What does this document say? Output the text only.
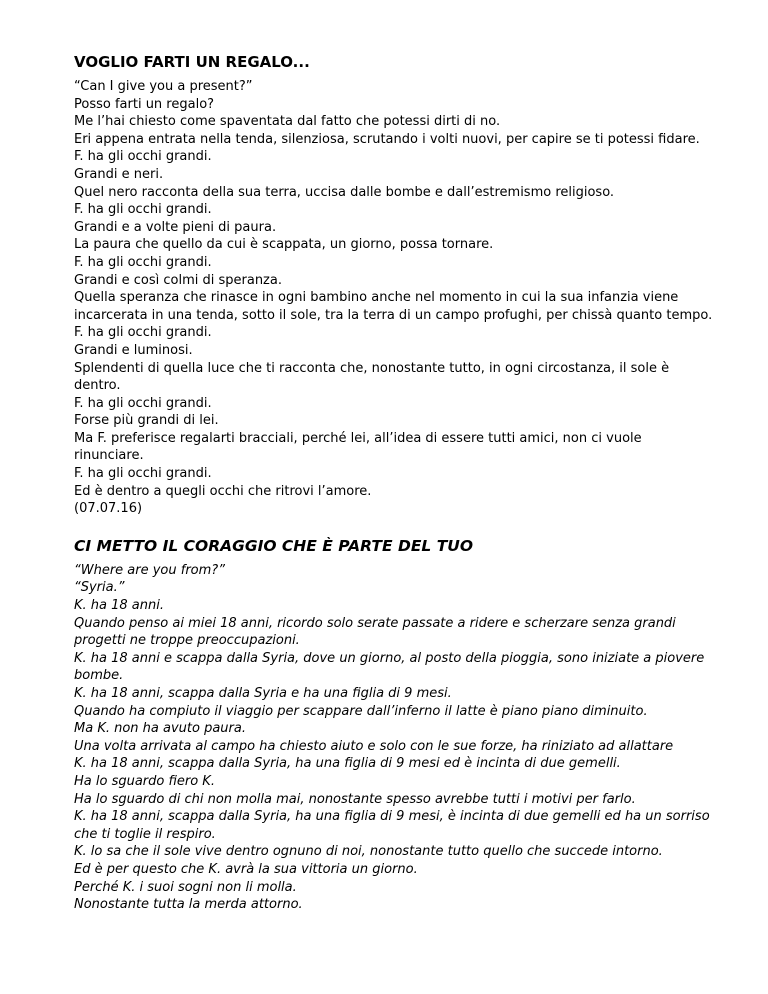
VOGLIO FARTI UN REGALO...

“Can I give you a present?”

Posso farti un regalo?

Me l’hai chiesto come spaventata dal fatto che potessi dirti di no.

Eri appena entrata nella tenda, silenziosa, scrutando i volti nuovi, per capire se ti potessi fidare.

F. ha gli occhi grandi.

Grandi e neri.

Quel nero racconta della sua terra, uccisa dalle bombe e dall’estremismo religioso.

F. ha gli occhi grandi.

Grandi e a volte pieni di paura.

La paura che quello da cui è scappata, un giorno, possa tornare.

F. ha gli occhi grandi.

Grandi e così colmi di speranza.

Quella speranza che rinasce in ogni bambino anche nel momento in cui la sua infanzia viene incarcerata in una tenda, sotto il sole, tra la terra di un campo profughi, per chissà quanto tempo.

F. ha gli occhi grandi.

Grandi e luminosi.

Splendenti di quella luce che ti racconta che, nonostante tutto, in ogni circostanza, il sole è dentro.

F. ha gli occhi grandi.

Forse più grandi di lei.

Ma F. preferisce regalarti bracciali, perché lei, all’idea di essere tutti amici, non ci vuole rinunciare.

F. ha gli occhi grandi.

Ed è dentro a quegli occhi che ritrovi l’amore.

(07.07.16)

CI METTO IL CORAGGIO CHE È PARTE DEL TUO

“Where are you from?”

“Syria.”

K. ha 18 anni.

Quando penso ai miei 18 anni, ricordo solo serate passate a ridere e scherzare senza grandi progetti ne troppe preoccupazioni.

K. ha 18 anni e scappa dalla Syria, dove un giorno, al posto della pioggia, sono iniziate a piovere bombe.

K. ha 18 anni, scappa dalla Syria e ha una figlia di 9 mesi.

Quando ha compiuto il viaggio per scappare dall’inferno il latte è piano piano diminuito.

Ma K. non ha avuto paura.

Una volta arrivata al campo ha chiesto aiuto e solo con le sue forze, ha riniziato ad allattare

K. ha 18 anni, scappa dalla Syria, ha una figlia di 9 mesi ed è incinta di due gemelli.

Ha lo sguardo fiero K.

Ha lo sguardo di chi non molla mai, nonostante spesso avrebbe tutti i motivi per farlo.

K. ha 18 anni, scappa dalla Syria, ha una figlia di 9 mesi, è incinta di due gemelli ed ha un sorriso che ti toglie il respiro.

K. lo sa che il sole vive dentro ognuno di noi, nonostante tutto quello che succede intorno.

Ed è per questo che K. avrà la sua vittoria un giorno.

Perché K. i suoi sogni non li molla.

Nonostante tutta la merda attorno.
